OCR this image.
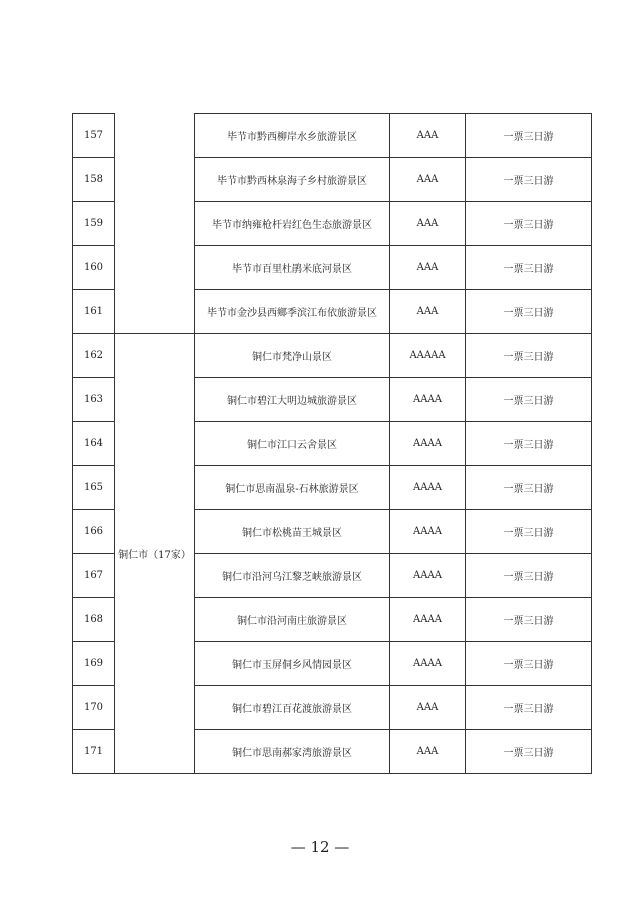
157		毕节市黔西柳岸水乡旅游景区	AAA	一票三日游
158		毕节市黔西林泉海子乡村旅游景区	AAA	一票三日游
159		毕节市纳雍枪杆岩红色生态旅游景区	AAA	一票三日游
160		毕节市百里杜鹃米底河景区	AAA	一票三日游
161		毕节市金沙县西鄉季滨江布依旅游景区	AAA	一票三日游
162	铜仁市（17家）	铜仁市梵净山景区	AAAAA	一票三日游
163		铜仁市碧江大明边城旅游景区	AAAA	一票三日游
164		铜仁市江口云舍景区	AAAA	一票三日游
165		铜仁市思南温泉-石林旅游景区	AAAA	一票三日游
166		铜仁市松桃苗王城景区	AAAA	一票三日游
167		铜仁市沿河乌江黎芝峡旅游景区	AAAA	一票三日游
168		铜仁市沿河南庄旅游景区	AAAA	一票三日游
169		铜仁市玉屏侗乡风情园景区	AAAA	一票三日游
170		铜仁市碧江百花渡旅游景区	AAA	一票三日游
171		铜仁市思南郝家湾旅游景区	AAA	一票三日游
— 12 —
